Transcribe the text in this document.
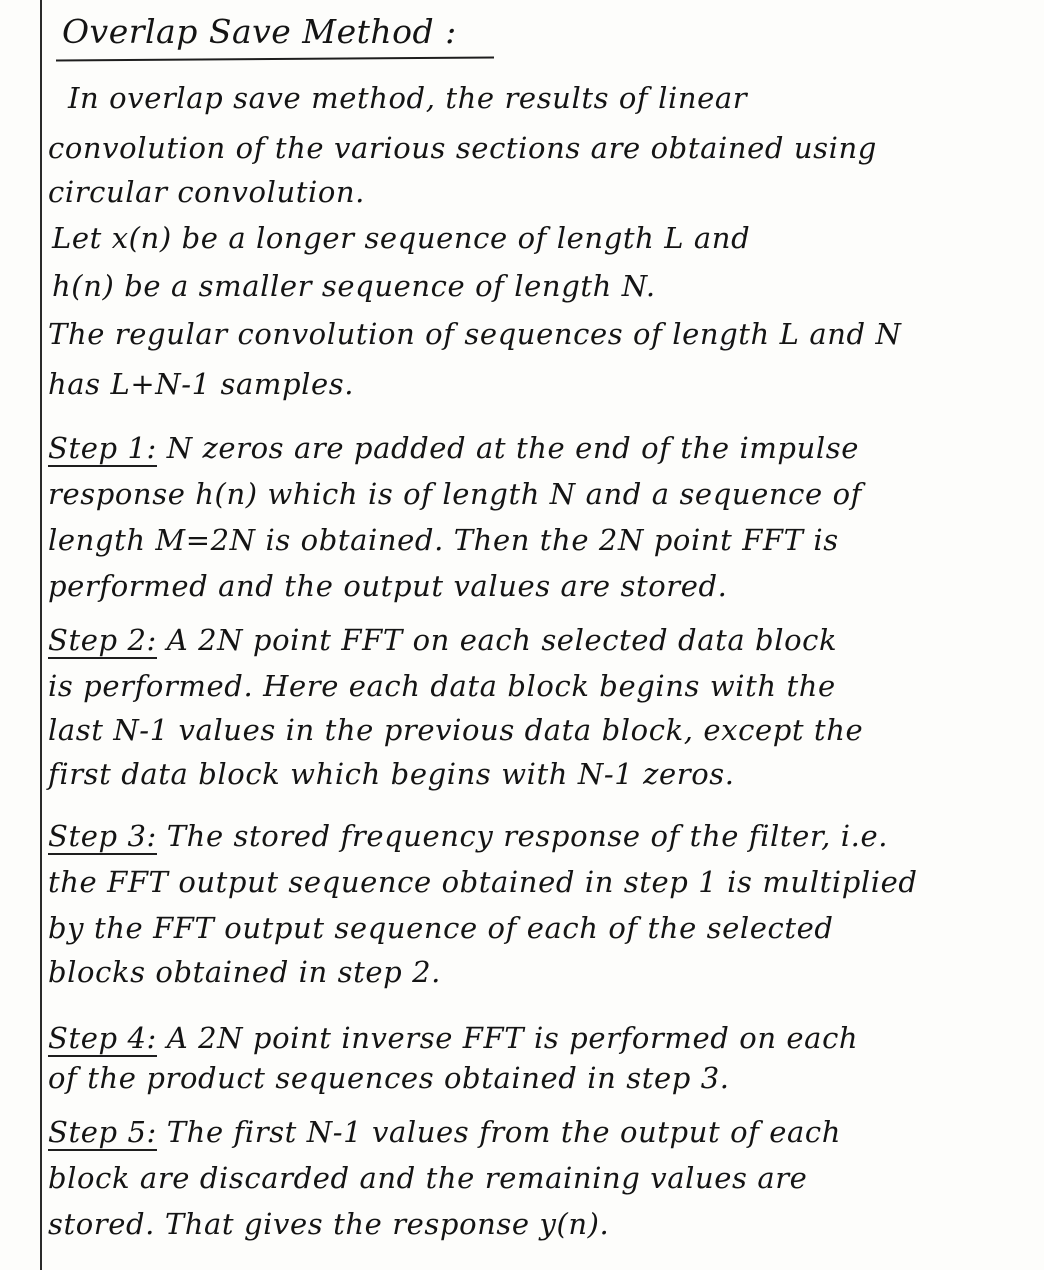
Overlap Save Method :
In overlap save method, the results of linear
convolution of the various sections are obtained using
circular convolution.
Let x(n) be a longer sequence of length L and
h(n) be a smaller sequence of length N.
The regular convolution of sequences of length L and N
has L+N-1 samples.
Step 1: N zeros are padded at the end of the impulse
response h(n) which is of length N and a sequence of
length M=2N is obtained. Then the 2N point FFT is
performed and the output values are stored.
Step 2: A 2N point FFT on each selected data block
is performed. Here each data block begins with the
last N-1 values in the previous data block, except the
first data block which begins with N-1 zeros.
Step 3: The stored frequency response of the filter, i.e.
the FFT output sequence obtained in step 1 is multiplied
by the FFT output sequence of each of the selected
blocks obtained in step 2.
Step 4: A 2N point inverse FFT is performed on each
of the product sequences obtained in step 3.
Step 5: The first N-1 values from the output of each
block are discarded and the remaining values are
stored. That gives the response y(n).
